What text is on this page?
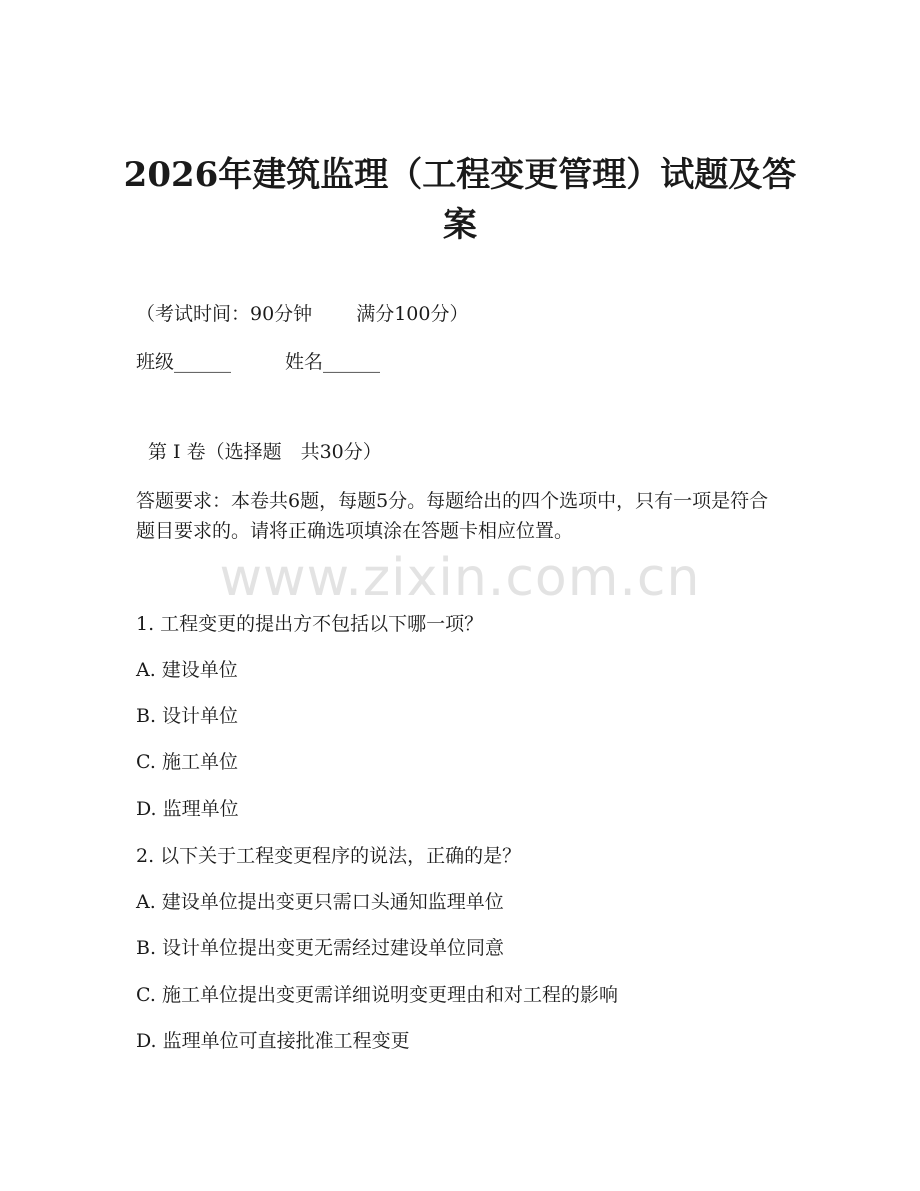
2026年建筑监理（工程变更管理）试题及答案
（考试时间：90分钟 满分100分）
班级______	姓名______
第 I 卷（选择题　共30分）
答题要求：本卷共6题，每题5分。每题给出的四个选项中，只有一项是符合题目要求的。请将正确选项填涂在答题卡相应位置。
www.zixin.com.cn
1. 工程变更的提出方不包括以下哪一项？
A. 建设单位
B. 设计单位
C. 施工单位
D. 监理单位
2. 以下关于工程变更程序的说法，正确的是？
A. 建设单位提出变更只需口头通知监理单位
B. 设计单位提出变更无需经过建设单位同意
C. 施工单位提出变更需详细说明变更理由和对工程的影响
D. 监理单位可直接批准工程变更
